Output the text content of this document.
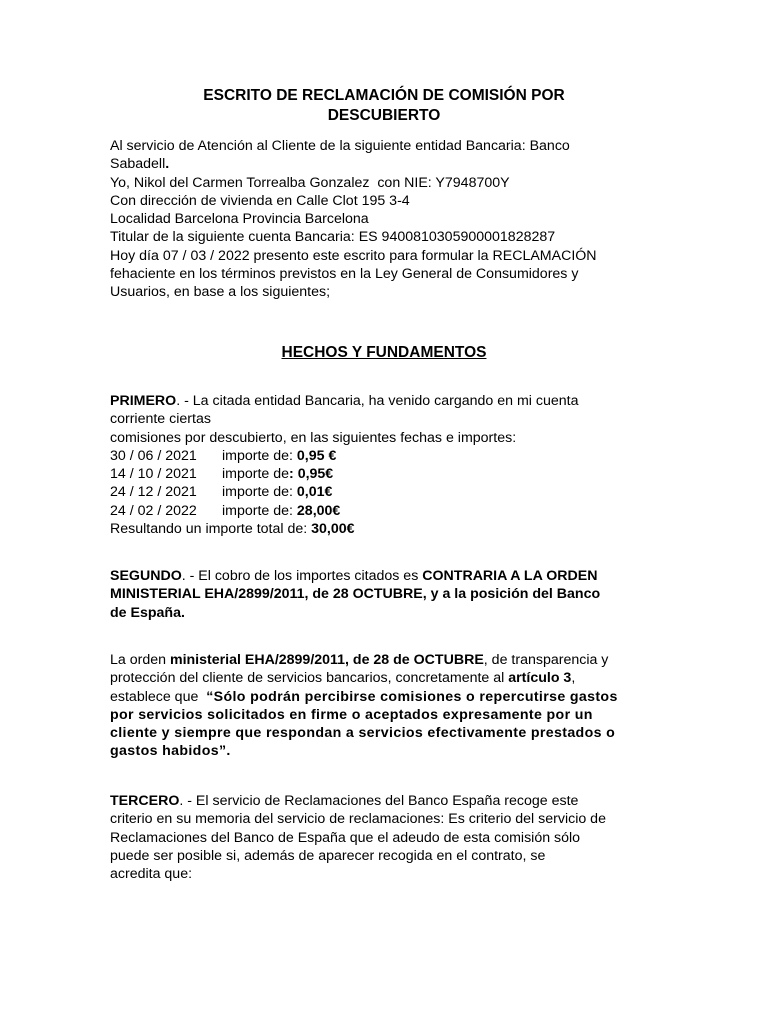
ESCRITO DE RECLAMACIÓN DE COMISIÓN POR
DESCUBIERTO
Al servicio de Atención al Cliente de la siguiente entidad Bancaria: Banco
Sabadell.
Yo, Nikol del Carmen Torrealba Gonzalez  con NIE: Y7948700Y
Con dirección de vivienda en Calle Clot 195 3-4
Localidad Barcelona Provincia Barcelona
Titular de la siguiente cuenta Bancaria: ES 9400810305900001828287
Hoy día 07 / 03 / 2022 presento este escrito para formular la RECLAMACIÓN
fehaciente en los términos previstos en la Ley General de Consumidores y
Usuarios, en base a los siguientes;
HECHOS Y FUNDAMENTOS
PRIMERO. - La citada entidad Bancaria, ha venido cargando en mi cuenta
corriente ciertas
comisiones por descubierto, en las siguientes fechas e importes:
30 / 06 / 2021 importe de: 0,95 €
14 / 10 / 2021 importe de: 0,95€
24 / 12 / 2021 importe de: 0,01€
24 / 02 / 2022 importe de: 28,00€
Resultando un importe total de: 30,00€
SEGUNDO. - El cobro de los importes citados es CONTRARIA A LA ORDEN
MINISTERIAL EHA/2899/2011, de 28 OCTUBRE, y a la posición del Banco
de España.
La orden ministerial EHA/2899/2011, de 28 de OCTUBRE, de transparencia y
protección del cliente de servicios bancarios, concretamente al artículo 3,
establece que  “Sólo podrán percibirse comisiones o repercutirse gastos
por servicios solicitados en firme o aceptados expresamente por un
cliente y siempre que respondan a servicios efectivamente prestados o
gastos habidos”.
TERCERO. - El servicio de Reclamaciones del Banco España recoge este
criterio en su memoria del servicio de reclamaciones: Es criterio del servicio de
Reclamaciones del Banco de España que el adeudo de esta comisión sólo
puede ser posible si, además de aparecer recogida en el contrato, se
acredita que:
